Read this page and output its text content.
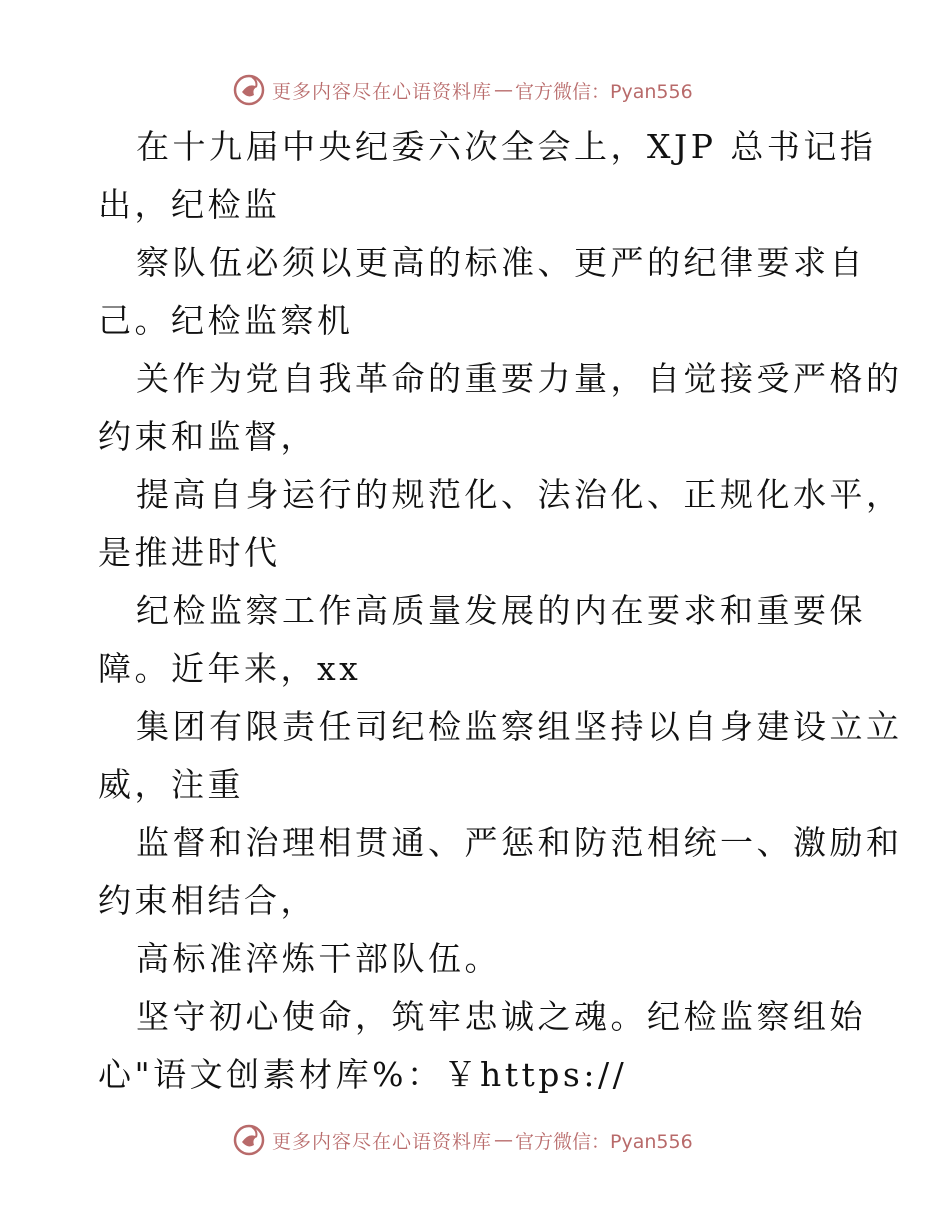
更多内容尽在心语资料库 — 官方微信：Pyan556
在十九届中央纪委六次全会上，XJP 总书记指
出，纪检监
察队伍必须以更高的标准、更严的纪律要求自
己。纪检监察机
关作为党自我革命的重要力量，自觉接受严格的
约束和监督，
提高自身运行的规范化、法治化、正规化水平，
是推进时代
纪检监察工作高质量发展的内在要求和重要保
障。近年来，xx
集团有限责任司纪检监察组坚持以自身建设立立
威，注重
监督和治理相贯通、严惩和防范相统一、激励和
约束相结合，
高标准淬炼干部队伍。
坚守初心使命，筑牢忠诚之魂。纪检监察组始
心"语文创素材库%：￥https://
更多内容尽在心语资料库 — 官方微信：Pyan556
